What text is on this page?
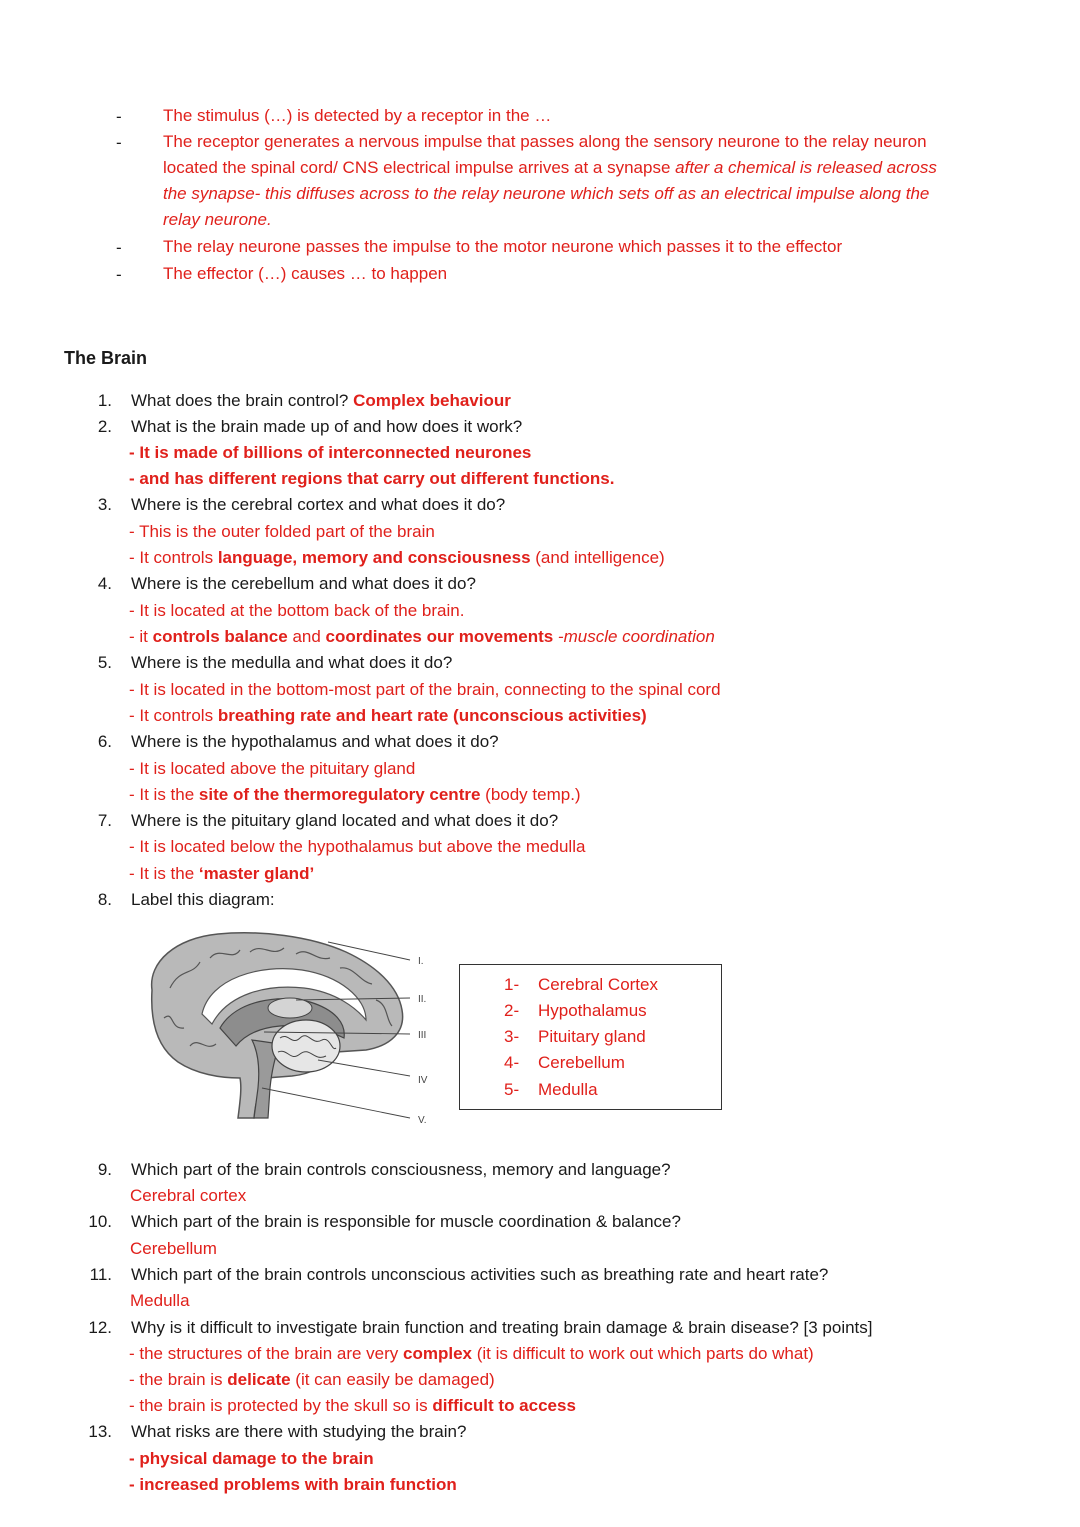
- The stimulus (…) is detected by a receptor in the …
- The receptor generates a nervous impulse that passes along the sensory neurone to the relay neuron
located the spinal cord/ CNS electrical impulse arrives at a synapse after a chemical is released across
the synapse- this diffuses across to the relay neurone which sets off as an electrical impulse along the
relay neurone.
- The relay neurone passes the impulse to the motor neurone which passes it to the effector
- The effector (…) causes … to happen
The Brain
1. What does the brain control? Complex behaviour
2. What is the brain made up of and how does it work?
- It is made of billions of interconnected neurones
- and has different regions that carry out different functions.
3. Where is the cerebral cortex and what does it do?
- This is the outer folded part of the brain
- It controls language, memory and consciousness (and intelligence)
4. Where is the cerebellum and what does it do?
- It is located at the bottom back of the brain.
- it controls balance and coordinates our movements -muscle coordination
5. Where is the medulla and what does it do?
- It is located in the bottom-most part of the brain, connecting to the spinal cord
- It controls breathing rate and heart rate (unconscious activities)
6. Where is the hypothalamus and what does it do?
- It is located above the pituitary gland
- It is the site of the thermoregulatory centre (body temp.)
7. Where is the pituitary gland located and what does it do?
- It is located below the hypothalamus but above the medulla
- It is the ‘master gland’
8. Label this diagram:
I.
II.
III
IV
V.
1- Cerebral Cortex
2- Hypothalamus
3- Pituitary gland
4- Cerebellum
5- Medulla
9. Which part of the brain controls consciousness, memory and language?
Cerebral cortex
10. Which part of the brain is responsible for muscle coordination & balance?
Cerebellum
11. Which part of the brain controls unconscious activities such as breathing rate and heart rate?
Medulla
12. Why is it difficult to investigate brain function and treating brain damage & brain disease? [3 points]
- the structures of the brain are very complex (it is difficult to work out which parts do what)
- the brain is delicate (it can easily be damaged)
- the brain is protected by the skull so is difficult to access
13. What risks are there with studying the brain?
- physical damage to the brain
- increased problems with brain function
